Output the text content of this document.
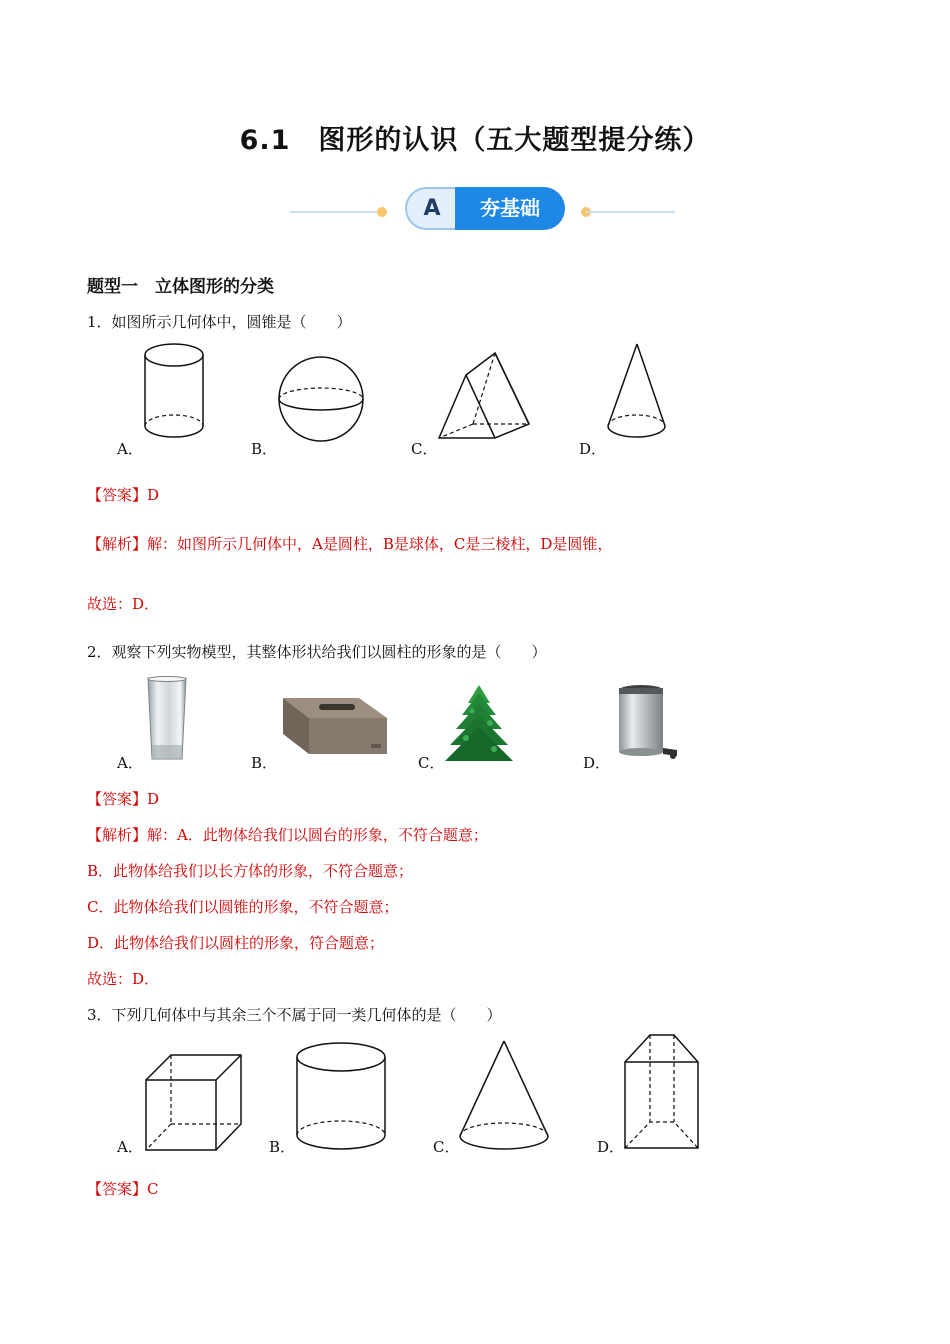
6.1　图形的认识（五大题型提分练）
A	夯基础
题型一　立体图形的分类
1．如图所示几何体中，圆锥是（　　）
A．	B．	C．	D．
【答案】D
【解析】解：如图所示几何体中，A是圆柱，B是球体，C是三棱柱，D是圆锥，
故选：D．
2．观察下列实物模型，其整体形状给我们以圆柱的形象的是（　　）
A．	B．	C．	D．
【答案】D
【解析】解：A．此物体给我们以圆台的形象，不符合题意；
B．此物体给我们以长方体的形象，不符合题意；
C．此物体给我们以圆锥的形象，不符合题意；
D．此物体给我们以圆柱的形象，符合题意；
故选：D．
3．下列几何体中与其余三个不属于同一类几何体的是（　　）
A．	B．	C．	D．
【答案】C
